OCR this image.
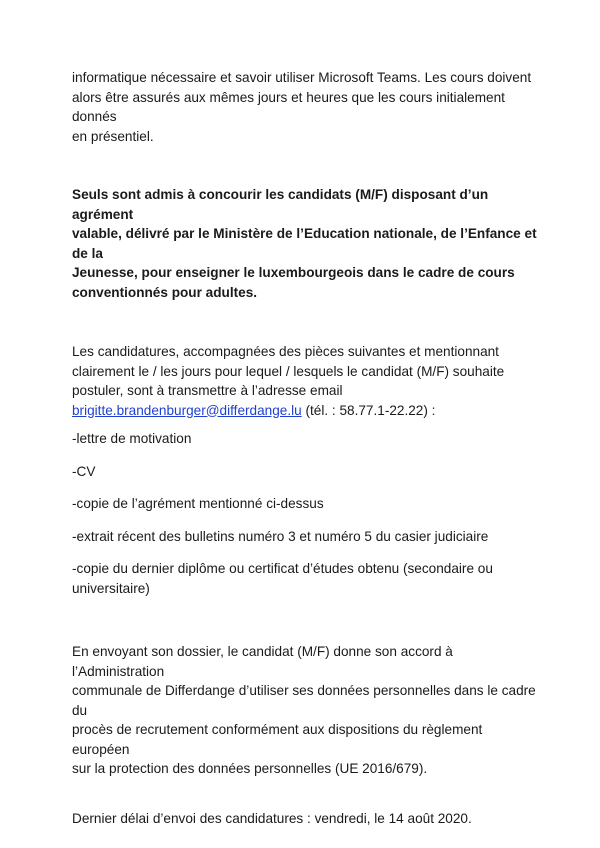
informatique nécessaire et savoir utiliser Microsoft Teams. Les cours doivent
alors être assurés aux mêmes jours et heures que les cours initialement donnés
en présentiel.

Seuls sont admis à concourir les candidats (M/F) disposant d’un agrément
valable, délivré par le Ministère de l’Education nationale, de l’Enfance et de la
Jeunesse, pour enseigner le luxembourgeois dans le cadre de cours
conventionnés pour adultes.

Les candidatures, accompagnées des pièces suivantes et mentionnant
clairement le / les jours pour lequel / lesquels le candidat (M/F) souhaite
postuler, sont à transmettre à l’adresse email
brigitte.brandenburger@differdange.lu (tél. : 58.77.1-22.22) :

-lettre de motivation

-CV

-copie de l’agrément mentionné ci-dessus

-extrait récent des bulletins numéro 3 et numéro 5 du casier judiciaire

-copie du dernier diplôme ou certificat d’études obtenu (secondaire ou
universitaire)

En envoyant son dossier, le candidat (M/F) donne son accord à l’Administration
communale de Differdange d’utiliser ses données personnelles dans le cadre du
procès de recrutement conformément aux dispositions du règlement européen
sur la protection des données personnelles (UE 2016/679).

Dernier délai d’envoi des candidatures : vendredi, le 14 août 2020.
